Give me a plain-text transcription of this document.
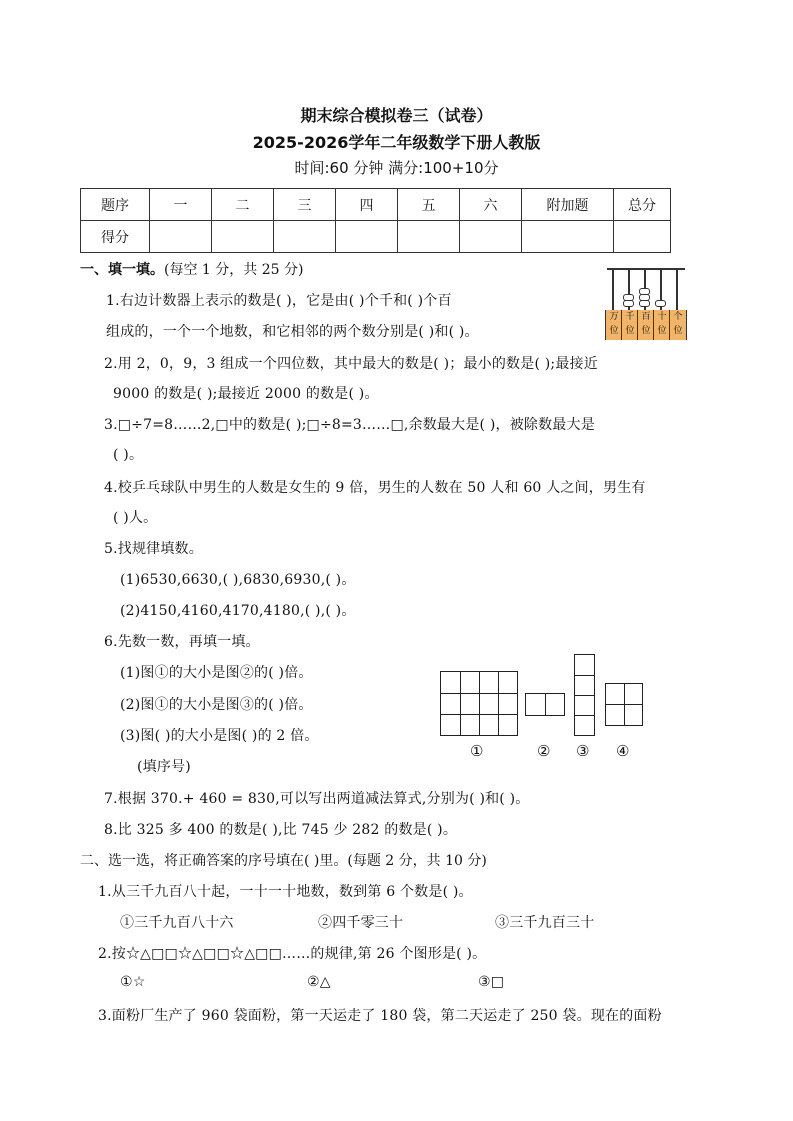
期末综合模拟卷三（试卷）
2025-2026学年二年级数学下册人教版
时间:60 分钟 满分:100+10分
题序	一	二	三	四	五	六	附加题	总分
得分								
一、填一填。(每空 1 分，共 25 分)
1.右边计数器上表示的数是( )，它是由( )个千和( )个百
组成的，一个一个地数，和它相邻的两个数分别是( )和( )。
万
位
千
位
百
位
十
位
个
位
2.用 2，0，9，3 组成一个四位数，其中最大的数是( )；最小的数是( );最接近
9000 的数是( );最接近 2000 的数是( )。
3.□÷7=8……2,□中的数是( );□÷8=3……□,余数最大是( )，被除数最大是
( )。
4.校乒乓球队中男生的人数是女生的 9 倍，男生的人数在 50 人和 60 人之间，男生有
( )人。
5.找规律填数。
(1)6530,6630,( ),6830,6930,( )。
(2)4150,4160,4170,4180,( ),( )。
6.先数一数，再填一填。
(1)图①的大小是图②的( )倍。
(2)图①的大小是图③的( )倍。
(3)图( )的大小是图( )的 2 倍。
(填序号)
①	② ③ ④
7.根据 370.+ 460 = 830,可以写出两道减法算式,分别为( )和( )。
8.比 325 多 400 的数是( ),比 745 少 282 的数是( )。
二、选一选，将正确答案的序号填在( )里。(每题 2 分，共 10 分)
1.从三千九百八十起，一十一十地数，数到第 6 个数是( )。
①三千九百八十六	②四千零三十	③三千九百三十
2.按☆△□□☆△□□☆△□□……的规律,第 26 个图形是( )。
①☆	②△	③□
3.面粉厂生产了 960 袋面粉，第一天运走了 180 袋，第二天运走了 250 袋。现在的面粉
